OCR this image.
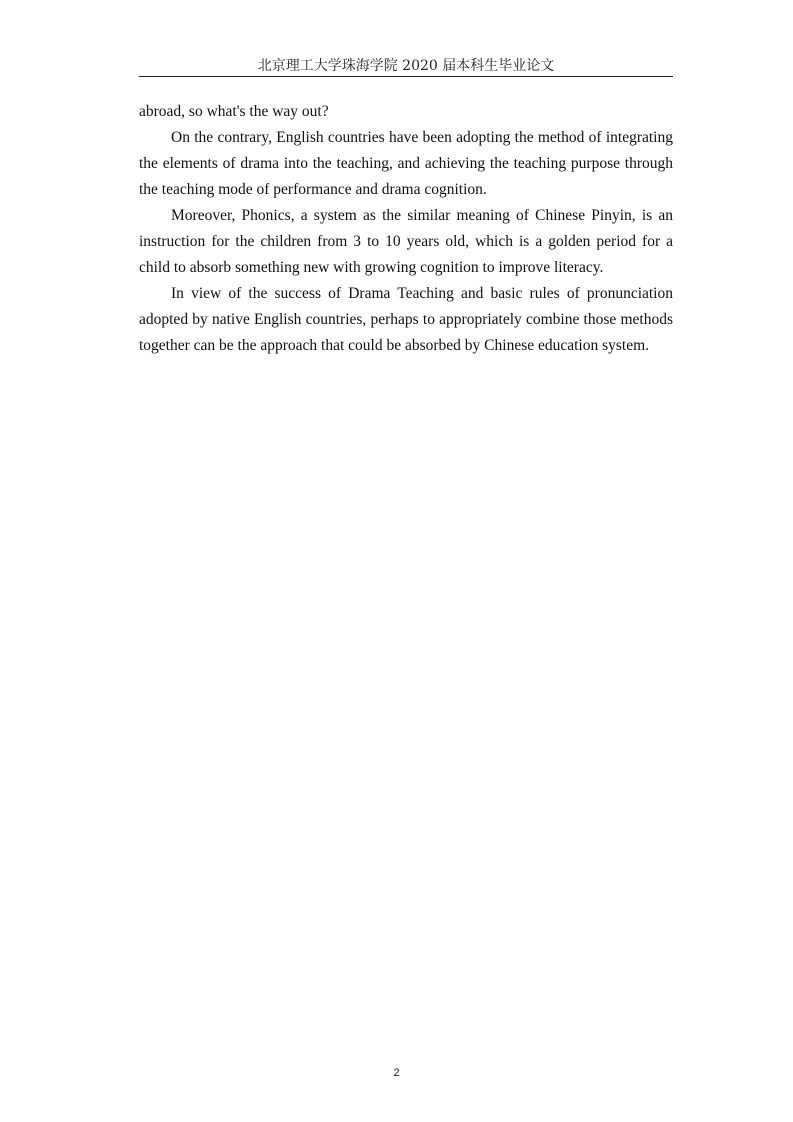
北京理工大学珠海学院 2020 届本科生毕业论文

abroad, so what's the way out?

On the contrary, English countries have been adopting the method of integrating the elements of drama into the teaching, and achieving the teaching purpose through the teaching mode of performance and drama cognition.

Moreover, Phonics, a system as the similar meaning of Chinese Pinyin, is an instruction for the children from 3 to 10 years old, which is a golden period for a child to absorb something new with growing cognition to improve literacy.

In view of the success of Drama Teaching and basic rules of pronunciation adopted by native English countries, perhaps to appropriately combine those methods together can be the approach that could be absorbed by Chinese education system.

2
